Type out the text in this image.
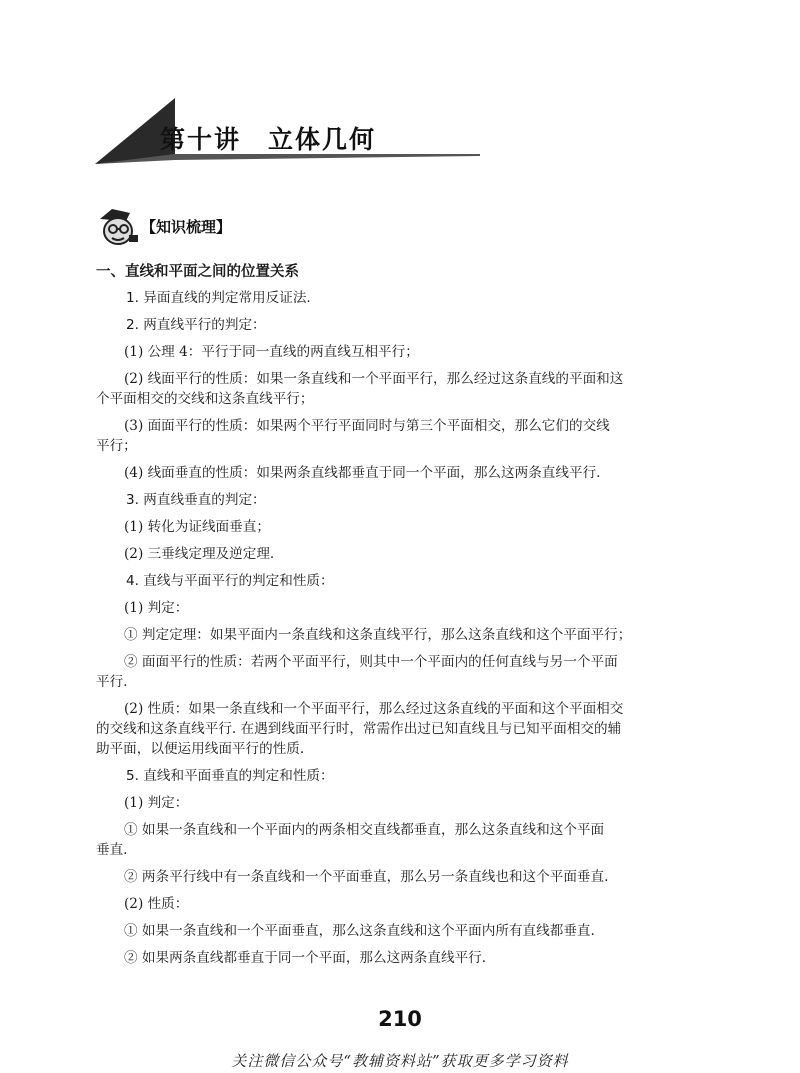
第十讲　立体几何
【知识梳理】
一、直线和平面之间的位置关系
1. 异面直线的判定常用反证法.
2. 两直线平行的判定：
(1) 公理 4：平行于同一直线的两直线互相平行；
(2) 线面平行的性质：如果一条直线和一个平面平行，那么经过这条直线的平面和这
个平面相交的交线和这条直线平行；
(3) 面面平行的性质：如果两个平行平面同时与第三个平面相交，那么它们的交线
平行；
(4) 线面垂直的性质：如果两条直线都垂直于同一个平面，那么这两条直线平行.
3. 两直线垂直的判定：
(1) 转化为证线面垂直；
(2) 三垂线定理及逆定理.
4. 直线与平面平行的判定和性质：
(1) 判定：
① 判定定理：如果平面内一条直线和这条直线平行，那么这条直线和这个平面平行；
② 面面平行的性质：若两个平面平行，则其中一个平面内的任何直线与另一个平面
平行.
(2) 性质：如果一条直线和一个平面平行，那么经过这条直线的平面和这个平面相交
的交线和这条直线平行. 在遇到线面平行时，常需作出过已知直线且与已知平面相交的辅
助平面，以便运用线面平行的性质.
5. 直线和平面垂直的判定和性质：
(1) 判定：
① 如果一条直线和一个平面内的两条相交直线都垂直，那么这条直线和这个平面
垂直.
② 两条平行线中有一条直线和一个平面垂直，那么另一条直线也和这个平面垂直.
(2) 性质：
① 如果一条直线和一个平面垂直，那么这条直线和这个平面内所有直线都垂直.
② 如果两条直线都垂直于同一个平面，那么这两条直线平行.
210
关注微信公众号“教辅资料站”获取更多学习资料
